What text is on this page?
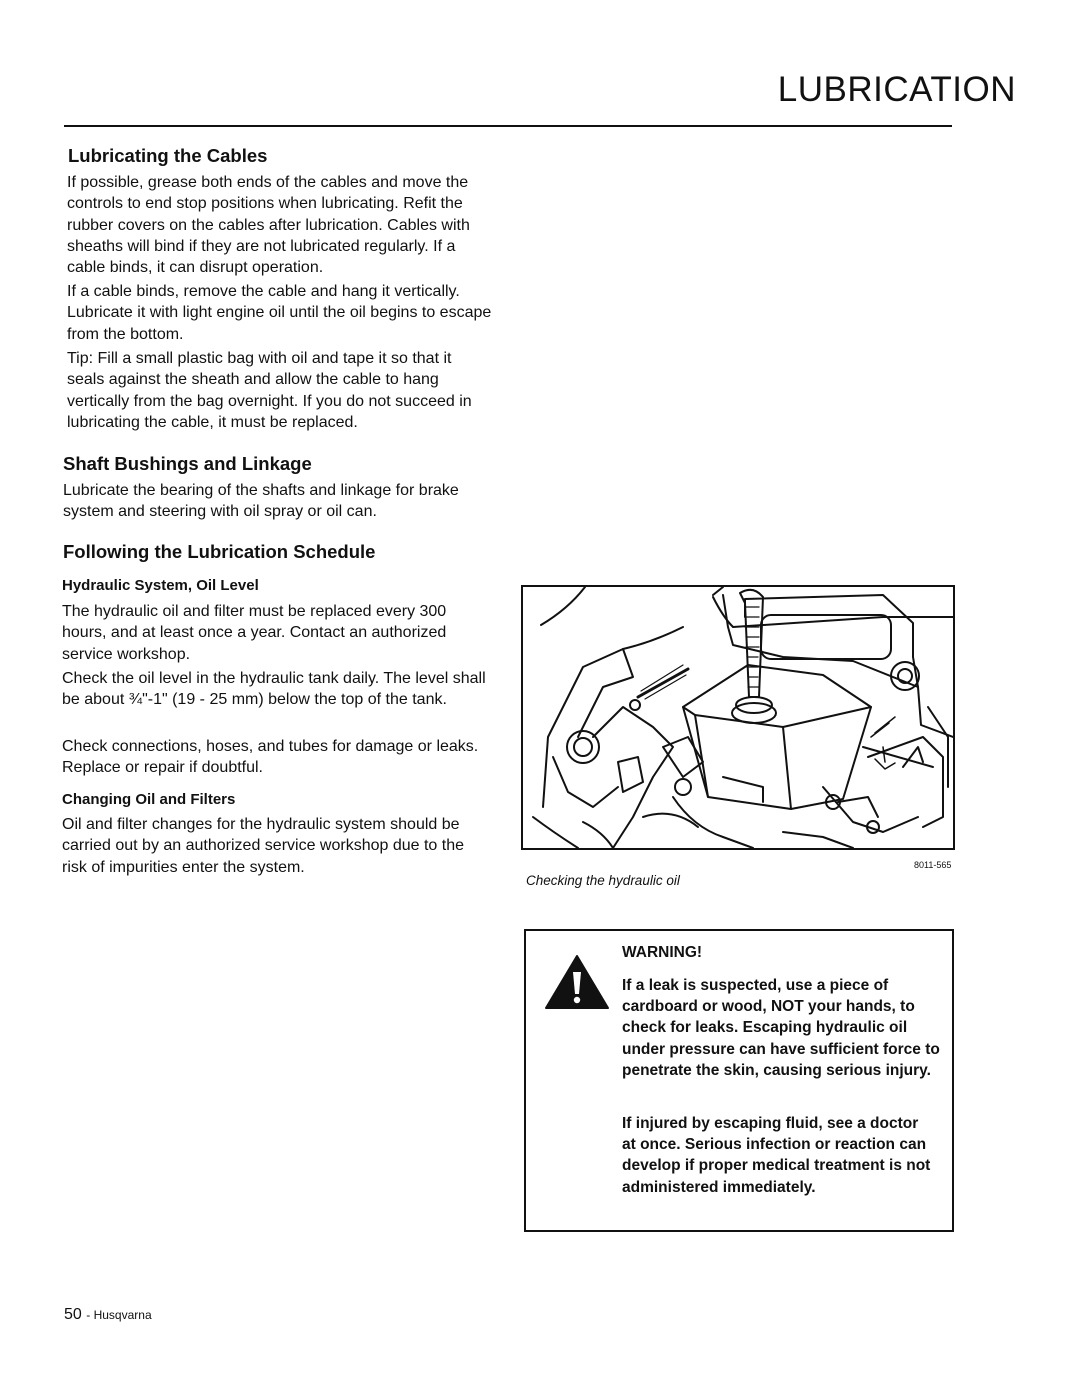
LUBRICATION
Lubricating the Cables
If possible, grease both ends of the cables and move the controls to end stop positions when lubricating. Refit the rubber covers on the cables after lubrication. Cables with sheaths will bind if they are not lubricated regularly. If a cable binds, it can disrupt operation.
If a cable binds, remove the cable and hang it vertically. Lubricate it with light engine oil until the oil begins to escape from the bottom.
Tip: Fill a small plastic bag with oil and tape it so that it seals against the sheath and allow the cable to hang vertically from the bag overnight. If you do not succeed in lubricating the cable, it must be replaced.
Shaft Bushings and Linkage
Lubricate the bearing of the shafts and linkage for brake system and steering with oil spray or oil can.
Following the Lubrication Schedule
Hydraulic System, Oil Level
The hydraulic oil and filter must be replaced every 300 hours, and at least once a year. Contact an authorized service workshop.
Check the oil level in the hydraulic tank daily. The level shall be about ¾"-1" (19 - 25 mm) below the top of the tank.
Check connections, hoses, and tubes for damage or leaks. Replace or repair if doubtful.
Changing Oil and Filters
Oil and filter changes for the hydraulic system should be carried out by an authorized service workshop due to the risk of impurities enter the system.
Checking the hydraulic oil
8011-565
WARNING!
If a leak is suspected, use a piece of cardboard or wood, NOT your hands, to check for leaks. Escaping hydraulic oil under pressure can have sufficient force to penetrate the skin, causing serious injury.
If injured by escaping fluid, see a doctor at once. Serious infection or reaction can develop if proper medical treatment is not administered immediately.
50 - Husqvarna
